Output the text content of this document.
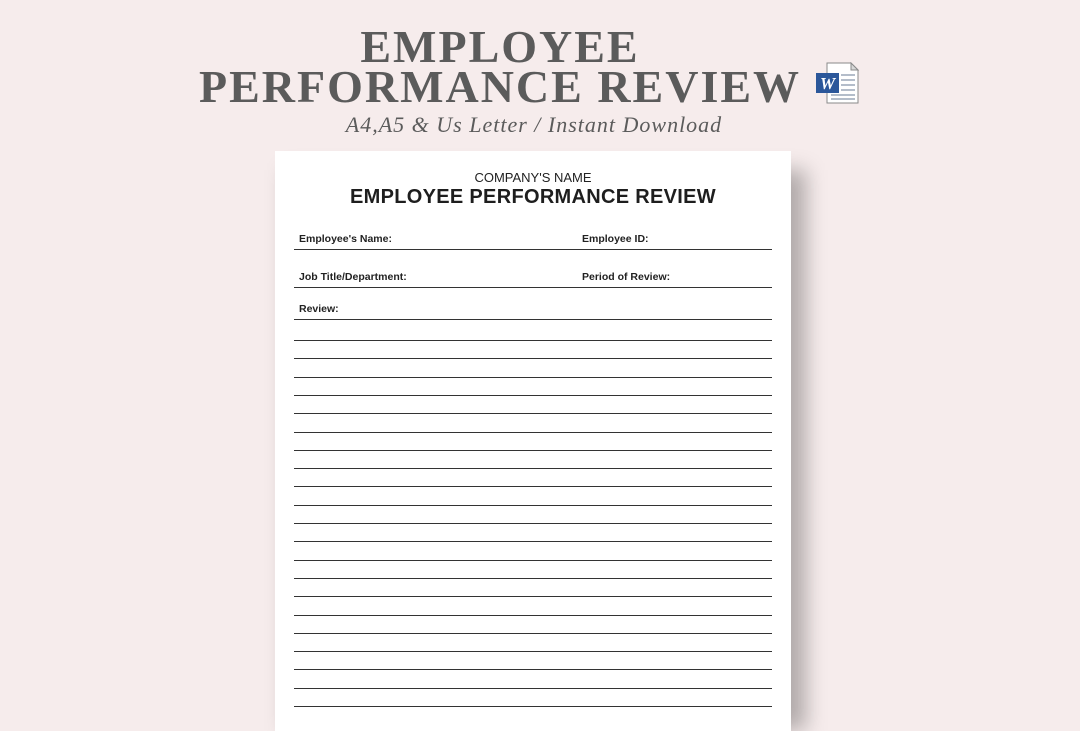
EMPLOYEE
PERFORMANCE REVIEW	W
A4,A5 & Us Letter / Instant Download
COMPANY'S NAME
EMPLOYEE PERFORMANCE REVIEW
Employee's Name:	Employee ID:
Job Title/Department:	Period of Review:
Review:
